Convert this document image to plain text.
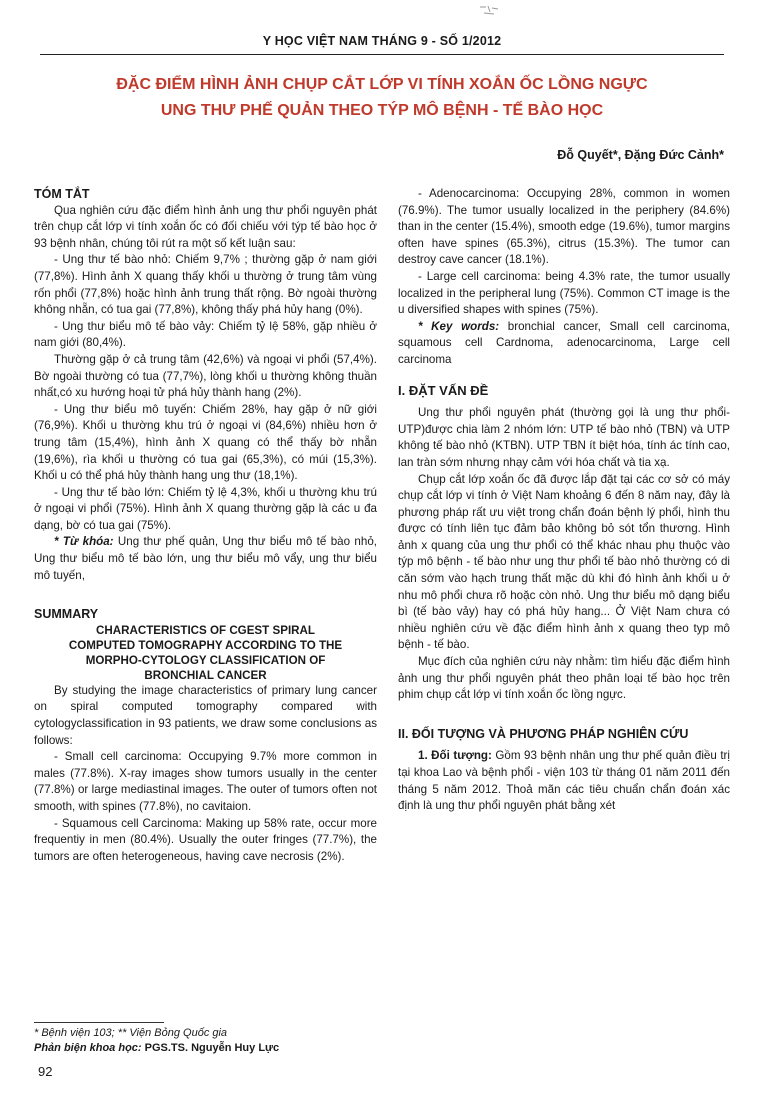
Y HỌC VIỆT NAM THÁNG 9 - SỐ 1/2012
ĐẶC ĐIỂM HÌNH ẢNH CHỤP CẮT LỚP VI TÍNH XOẮN ỐC LỒNG NGỰC
UNG THƯ PHẾ QUẢN THEO TÝP MÔ BỆNH - TẾ BÀO HỌC
Đỗ Quyết*, Đặng Đức Cảnh*

TÓM TẮT

Qua nghiên cứu đặc điểm hình ảnh ung thư phổi nguyên phát trên chụp cắt lớp vi tính xoắn ốc có đối chiếu với týp tế bào học ở 93 bệnh nhân, chúng tôi rút ra một số kết luận sau:

- Ung thư tế bào nhỏ: Chiếm 9,7% ; thường gặp ở nam giới (77,8%). Hình ảnh X quang thấy khối u thường ở trung tâm vùng rốn phổi (77,8%) hoặc hình ảnh trung thất rộng. Bờ ngoài thường không nhẵn, có tua gai (77,8%), không thấy phá hủy hang (0%).

- Ung thư biểu mô tế bào vảy: Chiếm tỷ lệ 58%, gặp nhiều ở nam giới (80,4%).

Thường gặp ở cả trung tâm (42,6%) và ngoại vi phổi (57,4%). Bờ ngoài thường có tua (77,7%), lòng khối u thường không thuần nhất,có xu hướng hoại tử phá hủy thành hang (2%).

- Ung thư biểu mô tuyến: Chiếm 28%, hay gặp ở nữ giới (76,9%). Khối u thường khu trú ở ngoại vi (84,6%) nhiều hơn ở trung tâm (15,4%), hình ảnh X quang có thể thấy bờ nhẵn (19,6%), rìa khối u thường có tua gai (65,3%), có múi (15,3%). Khối u có thể phá hủy thành hang ung thư (18,1%).

- Ung thư tế bào lớn: Chiếm tỷ lệ 4,3%, khối u thường khu trú ở ngoại vi phổi (75%). Hình ảnh X quang thường gặp là các u đa dạng, bờ có tua gai (75%).

* Từ khóa: Ung thư phế quản, Ung thư biểu mô tế bào nhỏ, Ung thư biểu mô tế bào lớn, ung thư biểu mô vẩy, ung thư biểu mô tuyến,

SUMMARY

CHARACTERISTICS OF CGEST SPIRAL
COMPUTED TOMOGRAPHY ACCORDING TO THE
MORPHO-CYTOLOGY CLASSIFICATION OF
BRONCHIAL CANCER

By studying the image characteristics of primary lung cancer on spiral computed tomography compared with cytologyclassification in 93 patients, we draw some conclusions as follows:

- Small cell carcinoma: Occupying 9.7% more common in males (77.8%). X-ray images show tumors usually in the center (77.8%) or large mediastinal images. The outer of tumors often not smooth, with spines (77.8%), no cavitaion.

- Squamous cell Carcinoma: Making up 58% rate, occur more frequentiy in men (80.4%). Usually the outer fringes (77.7%), the tumors are often heterogeneous, having cave necrosis (2%).

- Adenocarcinoma: Occupying 28%, common in women (76.9%). The tumor usually localized in the periphery (84.6%) than in the center (15.4%), smooth edge (19.6%), tumor margins often have spines (65.3%), citrus (15.3%). The tumor can destroy cave cancer (18.1%).

- Large cell carcinoma: being 4.3% rate, the tumor usually localized in the peripheral lung (75%). Common CT image is the u diversified shapes with spines (75%).

* Key words: bronchial cancer, Small cell carcinoma, squamous cell Cardnoma, adenocarcinoma, Large cell carcinoma

I. ĐẶT VẤN ĐỀ

Ung thư phổi nguyên phát (thường gọi là ung thư phổi- UTP)được chia làm 2 nhóm lớn: UTP tế bào nhỏ (TBN) và UTP không tế bào nhỏ (KTBN). UTP TBN ít biệt hóa, tính ác tính cao, lan tràn sớm nhưng nhạy cảm với hóa chất và tia xạ.

Chụp cắt lớp xoắn ốc đã được lắp đặt tại các cơ sở có máy chụp cắt lớp vi tính ở Việt Nam khoảng 6 đến 8 năm nay, đây là phương pháp rất ưu việt trong chẩn đoán bệnh lý phổi, hình thu được có tính liên tục đảm bảo không bỏ sót tổn thương. Hình ảnh x quang của ung thư phổi có thể khác nhau phụ thuộc vào týp mô bệnh - tế bào như ung thư phổi tế bào nhỏ thường có di căn sớm vào hạch trung thất mặc dù khi đó hình ảnh khối u ở nhu mô phổi chưa rõ hoặc còn nhỏ. Ung thư biểu mô dạng biểu bì (tế bào vảy) hay có phá hủy hang... Ở Việt Nam chưa có nhiều nghiên cứu về đặc điểm hình ảnh x quang theo typ mô bệnh - tế bào.

Mục đích của nghiên cứu này nhằm: tìm hiểu đặc điểm hình ảnh ung thư phổi nguyên phát theo phân loại tế bào học trên phim chụp cắt lớp vi tính xoắn ốc lồng ngực.

II. ĐỐI TƯỢNG VÀ PHƯƠNG PHÁP NGHIÊN CỨU

1. Đối tượng: Gồm 93 bệnh nhân ung thư phế quản điều trị tại khoa Lao và bệnh phổi - viện 103 từ tháng 01 năm 2011 đến tháng 5 năm 2012. Thoả mãn các tiêu chuẩn chẩn đoán xác định là ung thư phổi nguyên phát bằng xét

* Bệnh viện 103; ** Viện Bỏng Quốc gia

Phản biện khoa học: PGS.TS. Nguyễn Huy Lực

92
